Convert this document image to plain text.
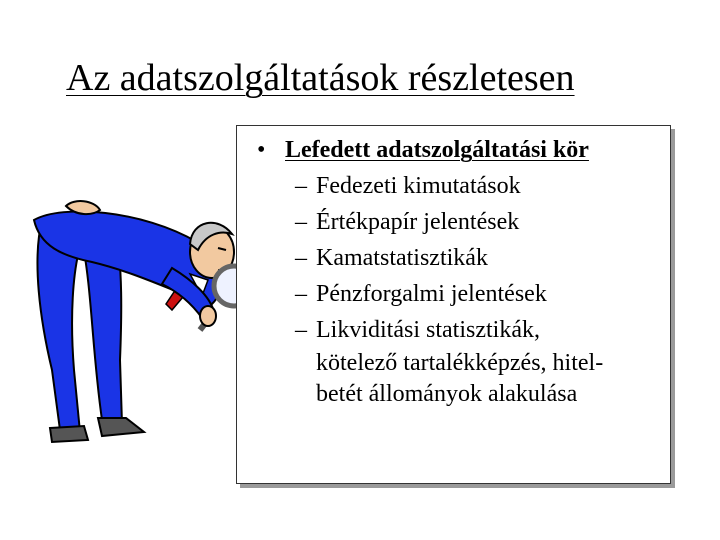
Az adatszolgáltatások részletesen
• Lefedett adatszolgáltatási kör
– Fedezeti kimutatások
– Értékpapír jelentések
– Kamatstatisztikák
– Pénzforgalmi jelentések
– Likviditási statisztikák,
kötelező tartalékképzés, hitel-
betét állományok alakulása
